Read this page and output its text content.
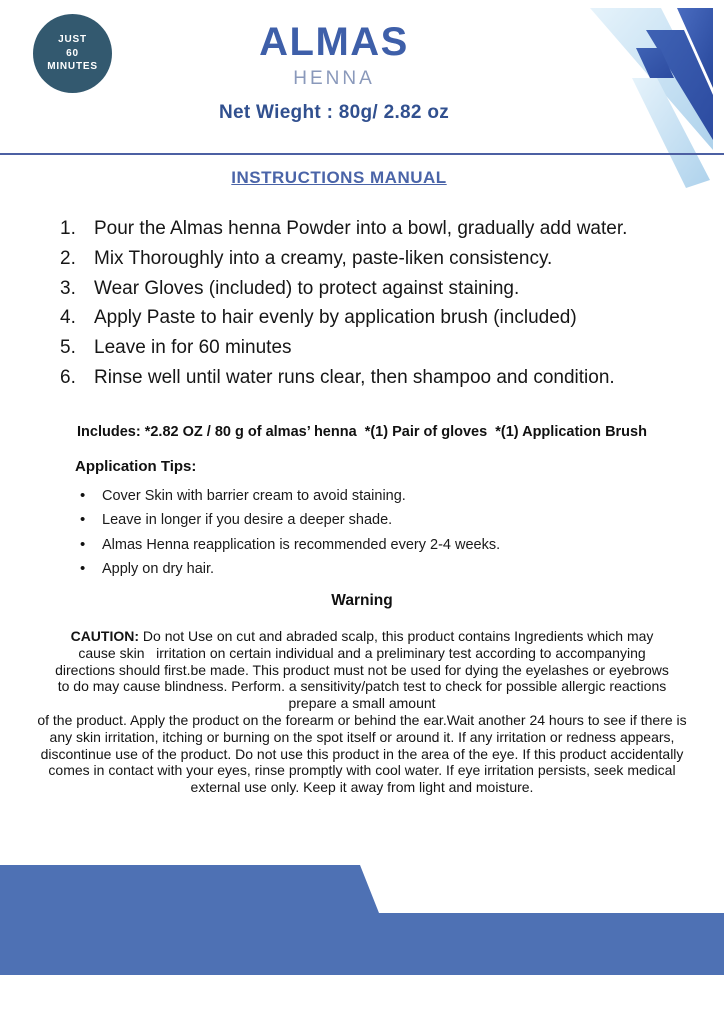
JUST
60
MINUTES
ALMAS
HENNA
Net Wieght : 80g/ 2.82 oz
INSTRUCTIONS MANUAL
1. Pour the Almas henna Powder into a bowl, gradually add water.
2. Mix Thoroughly into a creamy, paste-liken consistency.
3. Wear Gloves (included) to protect against staining.
4. Apply Paste to hair evenly by application brush (included)
5. Leave in for 60 minutes
6. Rinse well until water runs clear, then shampoo and condition.
Includes: *2.82 OZ / 80 g of almas’ henna  *(1) Pair of gloves  *(1) Application Brush
Application Tips:
• Cover Skin with barrier cream to avoid staining.
• Leave in longer if you desire a deeper shade.
• Almas Henna reapplication is recommended every 2-4 weeks.
• Apply on dry hair.
Warning

CAUTION: Do not Use on cut and abraded scalp, this product contains Ingredients which may cause skin   irritation on certain individual and a preliminary test according to accompanying directions should first.be made. This product must not be used for dying the eyelashes or eyebrows to do may cause blindness. Perform. a sensitivity/patch test to check for possible allergic reactions prepare a small amount

of the product. Apply the product on the forearm or behind the ear.Wait another 24 hours to see if there is any skin irritation, itching or burning on the spot itself or around it. If any irritation or redness appears, discontinue use of the product. Do not use this product in the area of the eye. If this product accidentally comes in contact with your eyes, rinse promptly with cool water. If eye irritation persists, seek medical external use only. Keep it away from light and moisture.
